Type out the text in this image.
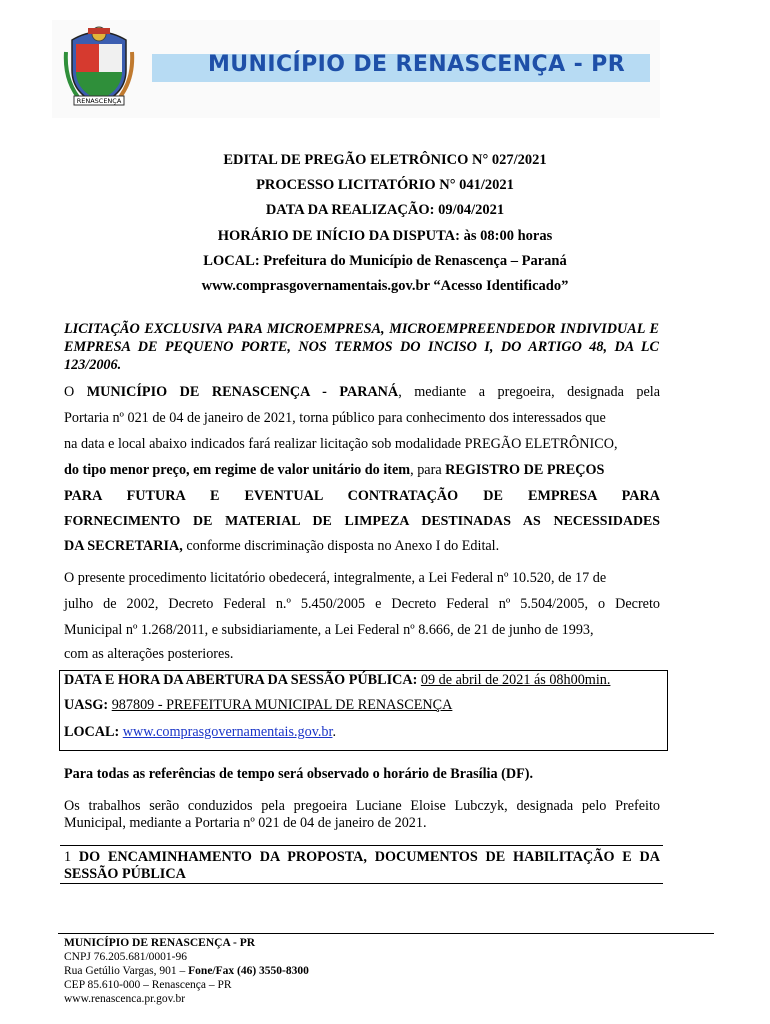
RENASCENÇA
MUNICÍPIO DE RENASCENÇA - PR
EDITAL DE PREGÃO ELETRÔNICO N° 027/2021
PROCESSO LICITATÓRIO N° 041/2021
DATA DA REALIZAÇÃO: 09/04/2021
HORÁRIO DE INÍCIO DA DISPUTA: às 08:00 horas
LOCAL: Prefeitura do Município de Renascença – Paraná
www.comprasgovernamentais.gov.br “Acesso Identificado”
LICITAÇÃO EXCLUSIVA PARA MICROEMPRESA, MICROEMPREENDEDOR INDIVIDUAL E EMPRESA DE PEQUENO PORTE, NOS TERMOS DO INCISO I, DO ARTIGO 48, DA LC 123/2006.
O MUNICÍPIO DE RENASCENÇA - PARANÁ, mediante a pregoeira, designada pela
Portaria nº 021 de 04 de janeiro de 2021, torna público para conhecimento dos interessados que
na data e local abaixo indicados fará realizar licitação sob modalidade PREGÃO ELETRÔNICO,
do tipo menor preço, em regime de valor unitário do item, para REGISTRO DE PREÇOS
PARA FUTURA E EVENTUAL CONTRATAÇÃO DE EMPRESA PARA
FORNECIMENTO DE MATERIAL DE LIMPEZA DESTINADAS AS NECESSIDADES
DA SECRETARIA, conforme discriminação disposta no Anexo I do Edital.
O presente procedimento licitatório obedecerá, integralmente, a Lei Federal nº 10.520, de 17 de
julho de 2002, Decreto Federal n.º 5.450/2005 e Decreto Federal nº 5.504/2005, o Decreto
Municipal nº 1.268/2011, e subsidiariamente, a Lei Federal nº 8.666, de 21 de junho de 1993,
com as alterações posteriores.
DATA E HORA DA ABERTURA DA SESSÃO PÚBLICA: 09 de abril de 2021 ás 08h00min.
UASG: 987809 - PREFEITURA MUNICIPAL DE RENASCENÇA
LOCAL: www.comprasgovernamentais.gov.br.
Para todas as referências de tempo será observado o horário de Brasília (DF).
Os trabalhos serão conduzidos pela pregoeira Luciane Eloise Lubczyk, designada pelo Prefeito Municipal, mediante a Portaria nº 021 de 04 de janeiro de 2021.
1 DO ENCAMINHAMENTO DA PROPOSTA, DOCUMENTOS DE HABILITAÇÃO E DA SESSÃO PÚBLICA
MUNICÍPIO DE RENASCENÇA - PR
CNPJ 76.205.681/0001-96
Rua Getúlio Vargas, 901 – Fone/Fax (46) 3550-8300
CEP 85.610-000 – Renascença – PR
www.renascenca.pr.gov.br
